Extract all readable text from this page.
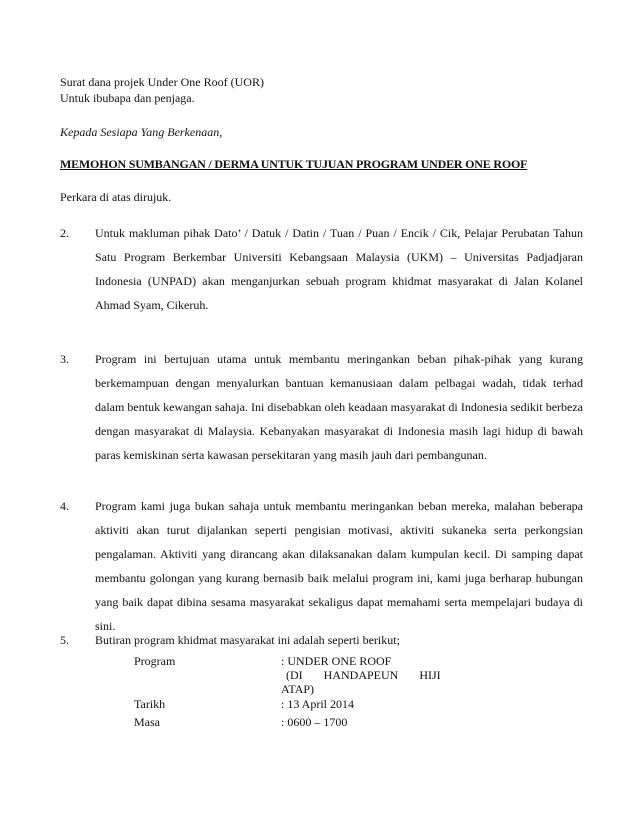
Surat dana projek Under One Roof (UOR)
Untuk ibubapa dan penjaga.
Kepada Sesiapa Yang Berkenaan,
MEMOHON SUMBANGAN / DERMA UNTUK TUJUAN PROGRAM UNDER ONE ROOF
Perkara di atas dirujuk.
2. Untuk makluman pihak Dato’ / Datuk / Datin / Tuan / Puan / Encik / Cik, Pelajar Perubatan Tahun Satu Program Berkembar Universiti Kebangsaan Malaysia (UKM) – Universitas Padjadjaran Indonesia (UNPAD) akan menganjurkan sebuah program khidmat masyarakat di Jalan Kolanel Ahmad Syam, Cikeruh.

3. Program ini bertujuan utama untuk membantu meringankan beban pihak-pihak yang kurang berkemampuan dengan menyalurkan bantuan kemanusiaan dalam pelbagai wadah, tidak terhad dalam bentuk kewangan sahaja. Ini disebabkan oleh keadaan masyarakat di Indonesia sedikit berbeza dengan masyarakat di Malaysia. Kebanyakan masyarakat di Indonesia masih lagi hidup di bawah paras kemiskinan serta kawasan persekitaran yang masih jauh dari pembangunan.

4. Program kami juga bukan sahaja untuk membantu meringankan beban mereka, malahan beberapa aktiviti akan turut dijalankan seperti pengisian motivasi, aktiviti sukaneka serta perkongsian pengalaman. Aktiviti yang dirancang akan dilaksanakan dalam kumpulan kecil. Di samping dapat membantu golongan yang kurang bernasib baik melalui program ini, kami juga berharap hubungan yang baik dapat dibina sesama masyarakat sekaligus dapat memahami serta mempelajari budaya di sini.

5. Butiran program khidmat masyarakat ini adalah seperti berikut;

Program	: UNDER ONE ROOF
(DI HANDAPEUN HIJI
ATAP)
Tarikh	: 13 April 2014
Masa	: 0600 – 1700
